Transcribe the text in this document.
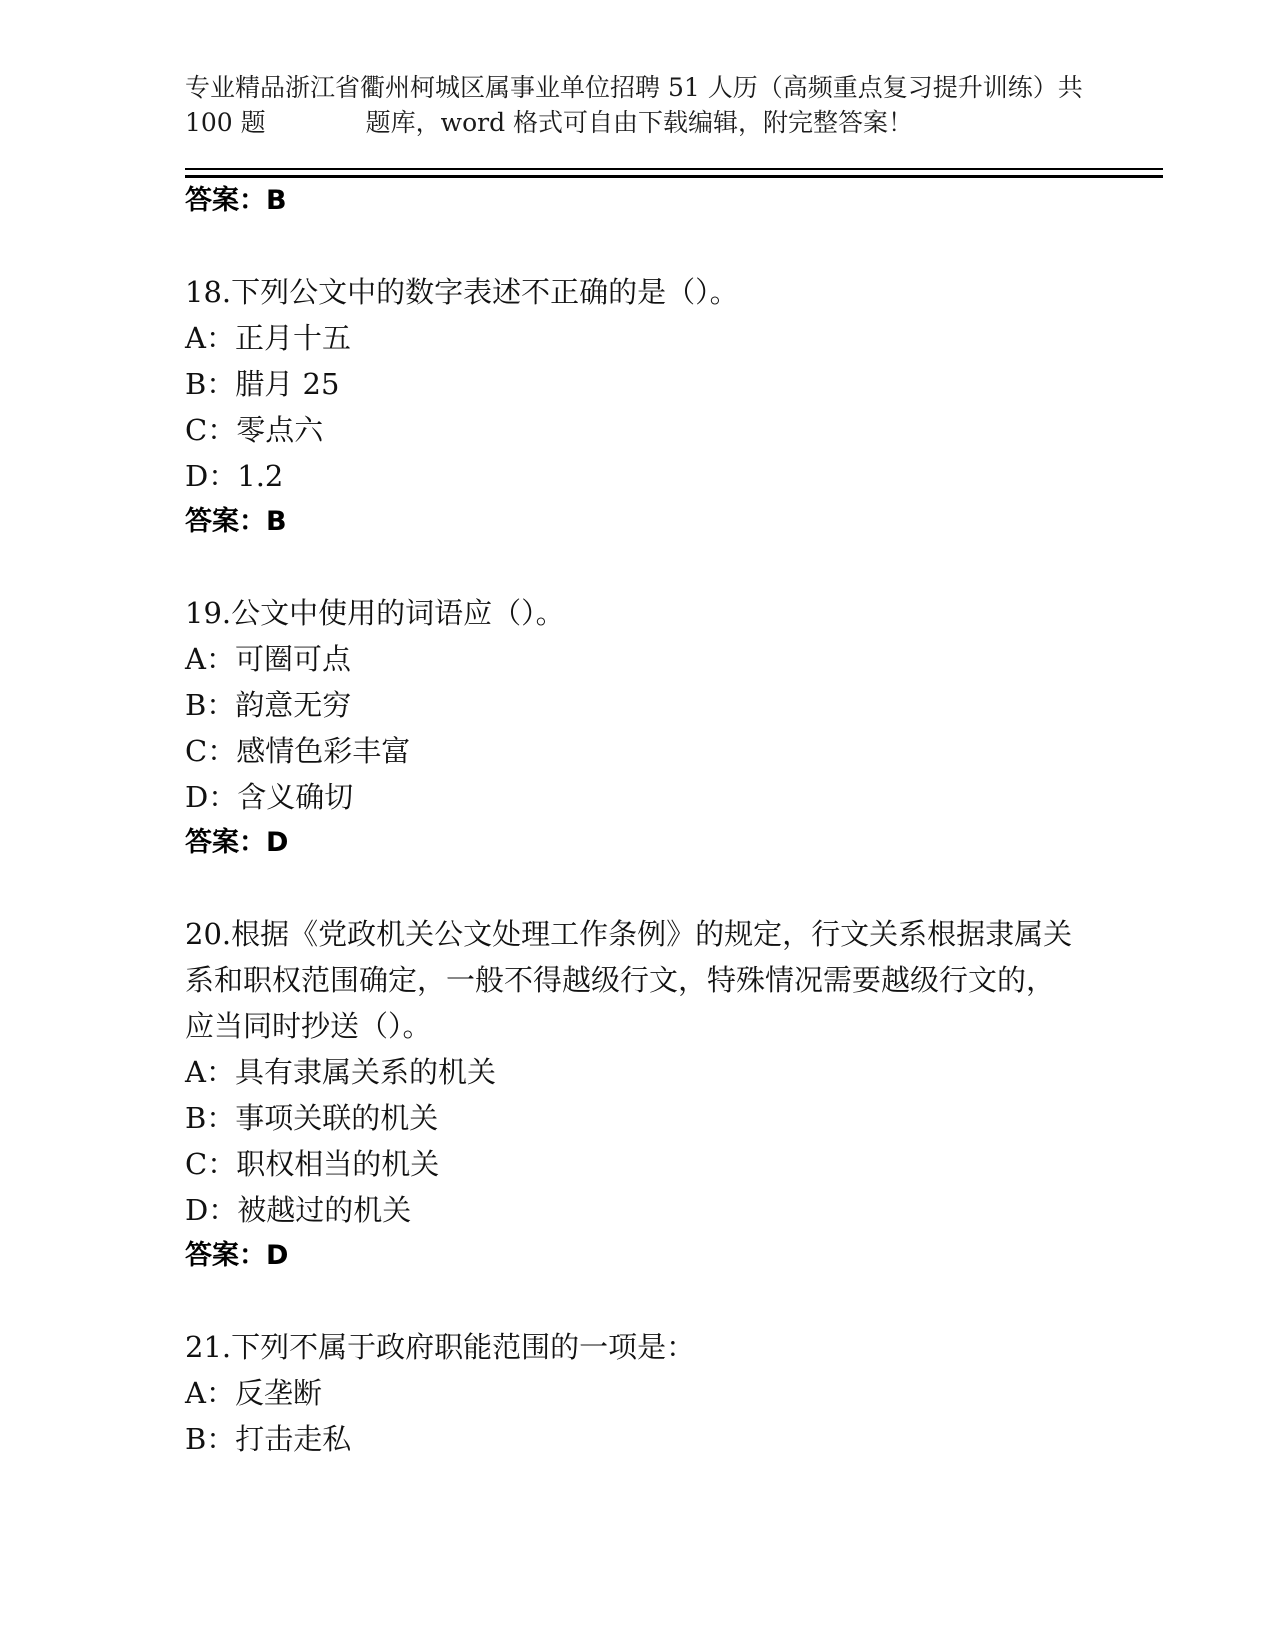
专业精品浙江省衢州柯城区属事业单位招聘 51 人历（高频重点复习提升训练）共
100 题　　　　题库，word 格式可自由下载编辑，附完整答案！
答案：B
18.下列公文中的数字表述不正确的是（）。
A：正月十五
B：腊月 25
C：零点六
D：1.2
答案：B
19.公文中使用的词语应（）。
A：可圈可点
B：韵意无穷
C：感情色彩丰富
D：含义确切
答案：D
20.根据《党政机关公文处理工作条例》的规定，行文关系根据隶属关
系和职权范围确定，一般不得越级行文，特殊情况需要越级行文的，
应当同时抄送（）。
A：具有隶属关系的机关
B：事项关联的机关
C：职权相当的机关
D：被越过的机关
答案：D
21.下列不属于政府职能范围的一项是：
A：反垄断
B：打击走私
